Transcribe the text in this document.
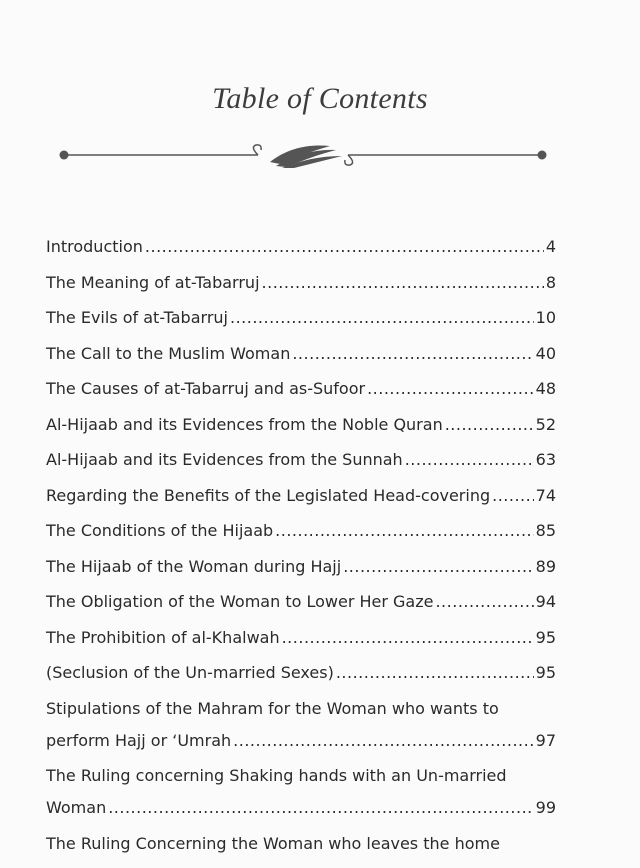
Table of Contents
Introduction .....	4
The Meaning of at-Tabarruj .....	8
The Evils of at-Tabarruj .....	10
The Call to the Muslim Woman .....	40
The Causes of at-Tabarruj and as-Sufoor .....	48
Al-Hijaab and its Evidences from the Noble Quran .....	52
Al-Hijaab and its Evidences from the Sunnah .....	63
Regarding the Benefits of the Legislated Head-covering .....	74
The Conditions of the Hijaab .....	85
The Hijaab of the Woman during Hajj .....	89
The Obligation of the Woman to Lower Her Gaze .....	94
The Prohibition of al-Khalwah .....	95
(Seclusion of the Un-married Sexes) .....	95
Stipulations of the Mahram for the Woman who wants to
perform Hajj or ‘Umrah .....	97
The Ruling concerning Shaking hands with an Un-married
Woman .....	99
The Ruling Concerning the Woman who leaves the home
